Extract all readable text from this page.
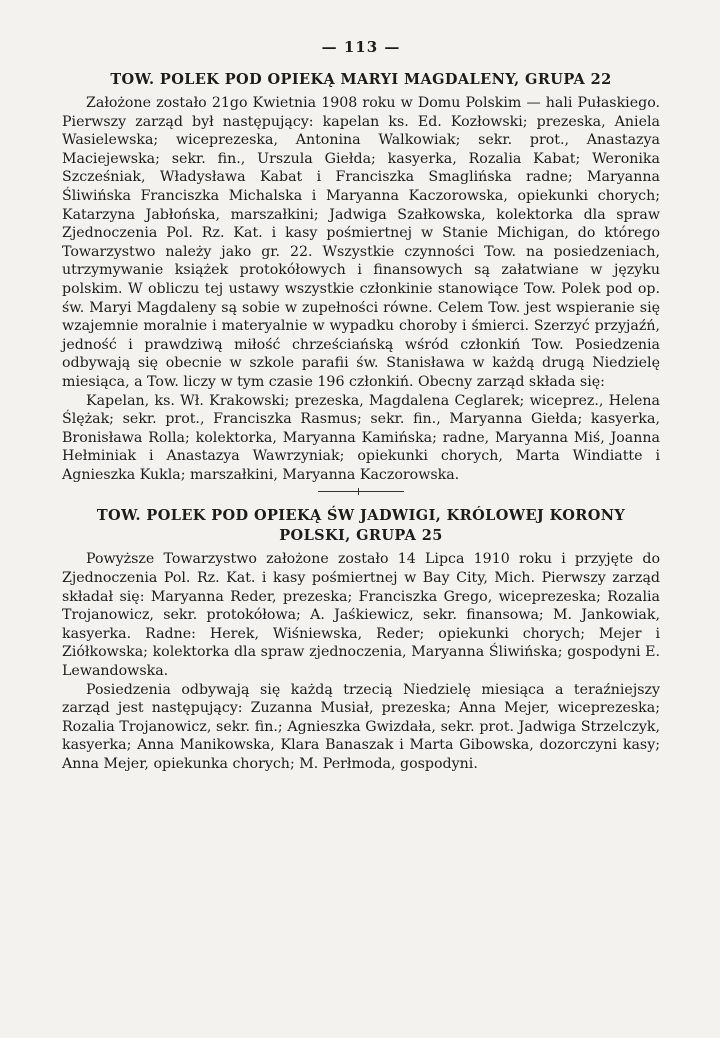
— 113 —
TOW. POLEK POD OPIEKĄ MARYI MAGDALENY, GRUPA 22

Założone zostało 21go Kwietnia 1908 roku w Domu Polskim — hali Pułaskiego. Pierwszy zarząd był następujący: kapelan ks. Ed. Kozłowski; prezeska, Aniela Wasielewska; wiceprezeska, Antonina Walkowiak; sekr. prot., Anastazya Maciejewska; sekr. fin., Urszula Giełda; kasyerka, Rozalia Kabat; Weronika Szcześniak, Władysława Kabat i Franciszka Smaglińska radne; Maryanna Śliwińska Franciszka Michalska i Maryanna Kaczorowska, opiekunki chorych; Katarzyna Jabłońska, marszałkini; Jadwiga Szałkowska, kolektorka dla spraw Zjednoczenia Pol. Rz. Kat. i kasy pośmiertnej w Stanie Michigan, do którego Towarzystwo należy jako gr. 22. Wszystkie czynności Tow. na posiedzeniach, utrzymywanie książek protokółowych i finansowych są załatwiane w języku polskim. W obliczu tej ustawy wszystkie członkinie stanowiące Tow. Polek pod op. św. Maryi Magdaleny są sobie w zupełności równe. Celem Tow. jest wspieranie się wzajemnie moralnie i materyalnie w wypadku choroby i śmierci. Szerzyć przyjaźń, jedność i prawdziwą miłość chrześciańską wśród członkiń Tow. Posiedzenia odbywają się obecnie w szkole parafii św. Stanisława w każdą drugą Niedzielę miesiąca, a Tow. liczy w tym czasie 196 członkiń. Obecny zarząd składa się:

Kapelan, ks. Wł. Krakowski; prezeska, Magdalena Ceglarek; wiceprez., Helena Ślężak; sekr. prot., Franciszka Rasmus; sekr. fin., Maryanna Giełda; kasyerka, Bronisława Rolla; kolektorka, Maryanna Kamińska; radne, Maryanna Miś, Joanna Hełminiak i Anastazya Wawrzyniak; opiekunki chorych, Marta Windiatte i Agnieszka Kukla; marszałkini, Maryanna Kaczorowska.

TOW. POLEK POD OPIEKĄ ŚW JADWIGI, KRÓLOWEJ KORONY
POLSKI, GRUPA 25

Powyższe Towarzystwo założone zostało 14 Lipca 1910 roku i przyjęte do Zjednoczenia Pol. Rz. Kat. i kasy pośmiertnej w Bay City, Mich. Pierwszy zarząd składał się: Maryanna Reder, prezeska; Franciszka Grego, wiceprezeska; Rozalia Trojanowicz, sekr. protokółowa; A. Jaśkiewicz, sekr. finansowa; M. Jankowiak, kasyerka. Radne: Herek, Wiśniewska, Reder; opiekunki chorych; Mejer i Ziółkowska; kolektorka dla spraw zjednoczenia, Maryanna Śliwińska; gospodyni E. Lewandowska.

Posiedzenia odbywają się każdą trzecią Niedzielę miesiąca a teraźniejszy zarząd jest następujący: Zuzanna Musiał, prezeska; Anna Mejer, wiceprezeska; Rozalia Trojanowicz, sekr. fin.; Agnieszka Gwizdała, sekr. prot. Jadwiga Strzelczyk, kasyerka; Anna Manikowska, Klara Banaszak i Marta Gibowska, dozorczyni kasy; Anna Mejer, opiekunka chorych; M. Perłmoda, gospodyni.
